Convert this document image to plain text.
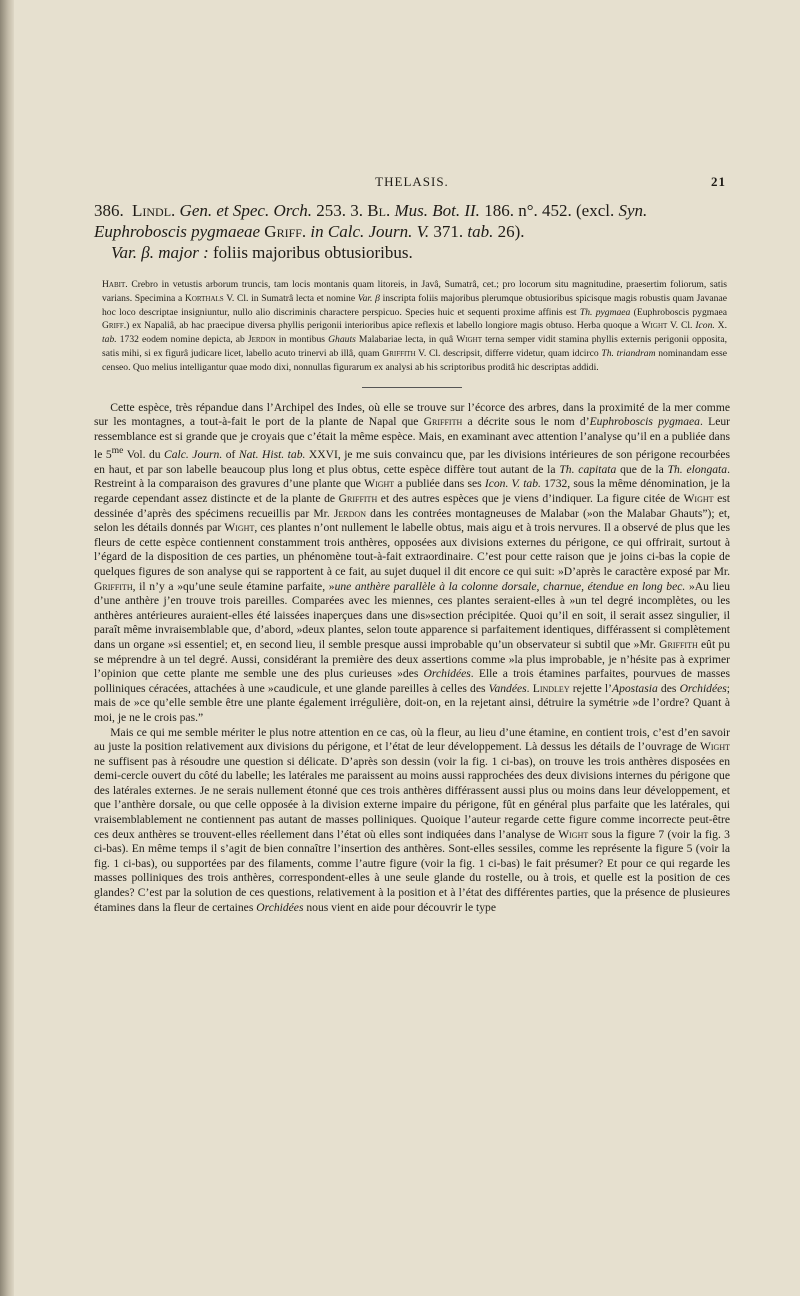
THELASIS.	21
386. Lindl. Gen. et Spec. Orch. 253. 3. Bl. Mus. Bot. II. 186. n°. 452. (excl. Syn.
Euphroboscis pygmaeae Griff. in Calc. Journ. V. 371. tab. 26).
Var. β. major : foliis majoribus obtusioribus.
Habit. Crebro in vetustis arborum truncis, tam locis montanis quam litoreis, in Javâ, Sumatrâ, cet.; pro locorum situ magnitudine, praesertim foliorum, satis varians. Specimina a Korthals V. Cl. in Sumatrâ lecta et nomine Var. β inscripta foliis majoribus plerumque obtusioribus spicisque magis robustis quam Javanae hoc loco descriptae insigniuntur, nullo alio discriminis charactere perspicuo. Species huic et sequenti proxime affinis est Th. pygmaea (Euphroboscis pygmaea Griff.) ex Napaliâ, ab hac praecipue diversa phyllis perigonii interioribus apice reflexis et labello longiore magis obtuso. Herba quoque a Wight V. Cl. Icon. X. tab. 1732 eodem nomine depicta, ab Jerdon in montibus Ghauts Malabariae lecta, in quâ Wight terna semper vidit stamina phyllis externis perigonii opposita, satis mihi, si ex figurâ judicare licet, labello acuto trinervi ab illâ, quam Griffith V. Cl. descripsit, differre videtur, quam idcirco Th. triandram nominandam esse censeo. Quo melius intelligantur quae modo dixi, nonnullas figurarum ex analysi ab his scriptoribus proditâ hic descriptas addidi.

Cette espèce, très répandue dans l’Archipel des Indes, où elle se trouve sur l’écorce des arbres, dans la proximité de la mer comme sur les montagnes, a tout-à-fait le port de la plante de Napal que Griffith a décrite sous le nom d’Euphroboscis pygmaea. Leur ressemblance est si grande que je croyais que c’était la même espèce. Mais, en examinant avec attention l’analyse qu’il en a publiée dans le $5^{me}$ Vol. du Calc. Journ. of Nat. Hist. tab. XXVI, je me suis convaincu que, par les divisions intérieures de son périgone recourbées en haut, et par son labelle beaucoup plus long et plus obtus, cette espèce diffère tout autant de la Th. capitata que de la Th. elongata. Restreint à la comparaison des gravures d’une plante que Wight a publiée dans ses Icon. V. tab. 1732, sous la même dénomination, je la regarde cependant assez distincte et de la plante de Griffith et des autres espèces que je viens d’indiquer. La figure citée de Wight est dessinée d’après des spécimens recueillis par Mr. Jerdon dans les contrées montagneuses de Malabar (»on the Malabar Ghauts”); et, selon les détails donnés par Wight, ces plantes n’ont nullement le labelle obtus, mais aigu et à trois nervures. Il a observé de plus que les fleurs de cette espèce contiennent constamment trois anthères, opposées aux divisions externes du périgone, ce qui offrirait, surtout à l’égard de la disposition de ces parties, un phénomène tout-à-fait extraordinaire. C’est pour cette raison que je joins ci-bas la copie de quelques figures de son analyse qui se rapportent à ce fait, au sujet duquel il dit encore ce qui suit: »D’après le caractère exposé par Mr. Griffith, il n’y a »qu’une seule étamine parfaite, »une anthère parallèle à la colonne dorsale, charnue, étendue en long bec. »Au lieu d’une anthère j’en trouve trois pareilles. Comparées avec les miennes, ces plantes seraient-elles à »un tel degré incomplètes, ou les anthères antérieures auraient-elles été laissées inaperçues dans une dis»section précipitée. Quoi qu’il en soit, il serait assez singulier, il paraît même invraisemblable que, d’abord, »deux plantes, selon toute apparence si parfaitement identiques, différassent si complètement dans un organe »si essentiel; et, en second lieu, il semble presque aussi improbable qu’un observateur si subtil que »Mr. Griffith eût pu se méprendre à un tel degré. Aussi, considérant la première des deux assertions comme »la plus improbable, je n’hésite pas à exprimer l’opinion que cette plante me semble une des plus curieuses »des Orchidées. Elle a trois étamines parfaites, pourvues de masses polliniques céracées, attachées à une »caudicule, et une glande pareilles à celles des Vandées. Lindley rejette l’Apostasia des Orchidées; mais de »ce qu’elle semble être une plante également irrégulière, doit-on, en la rejetant ainsi, détruire la symétrie »de l’ordre? Quant à moi, je ne le crois pas.”

Mais ce qui me semble mériter le plus notre attention en ce cas, où la fleur, au lieu d’une étamine, en contient trois, c’est d’en savoir au juste la position relativement aux divisions du périgone, et l’état de leur développement. Là dessus les détails de l’ouvrage de Wight ne suffisent pas à résoudre une question si délicate. D’après son dessin (voir la fig. 1 ci-bas), on trouve les trois anthères disposées en demi-cercle ouvert du côté du labelle; les latérales me paraissent au moins aussi rapprochées des deux divisions internes du périgone que des latérales externes. Je ne serais nullement étonné que ces trois anthères différassent aussi plus ou moins dans leur développement, et que l’anthère dorsale, ou que celle opposée à la division externe impaire du périgone, fût en général plus parfaite que les latérales, qui vraisemblablement ne contiennent pas autant de masses polliniques. Quoique l’auteur regarde cette figure comme incorrecte peut-être ces deux anthères se trouvent-elles réellement dans l’état où elles sont indiquées dans l’analyse de Wight sous la figure 7 (voir la fig. 3 ci-bas). En même temps il s’agit de bien connaître l’insertion des anthères. Sont-elles sessiles, comme les représente la figure 5 (voir la fig. 1 ci-bas), ou supportées par des filaments, comme l’autre figure (voir la fig. 1 ci-bas) le fait présumer? Et pour ce qui regarde les masses polliniques des trois anthères, correspondent-elles à une seule glande du rostelle, ou à trois, et quelle est la position de ces glandes? C’est par la solution de ces questions, relativement à la position et à l’état des différentes parties, que la présence de plusieures étamines dans la fleur de certaines Orchidées nous vient en aide pour découvrir le type
